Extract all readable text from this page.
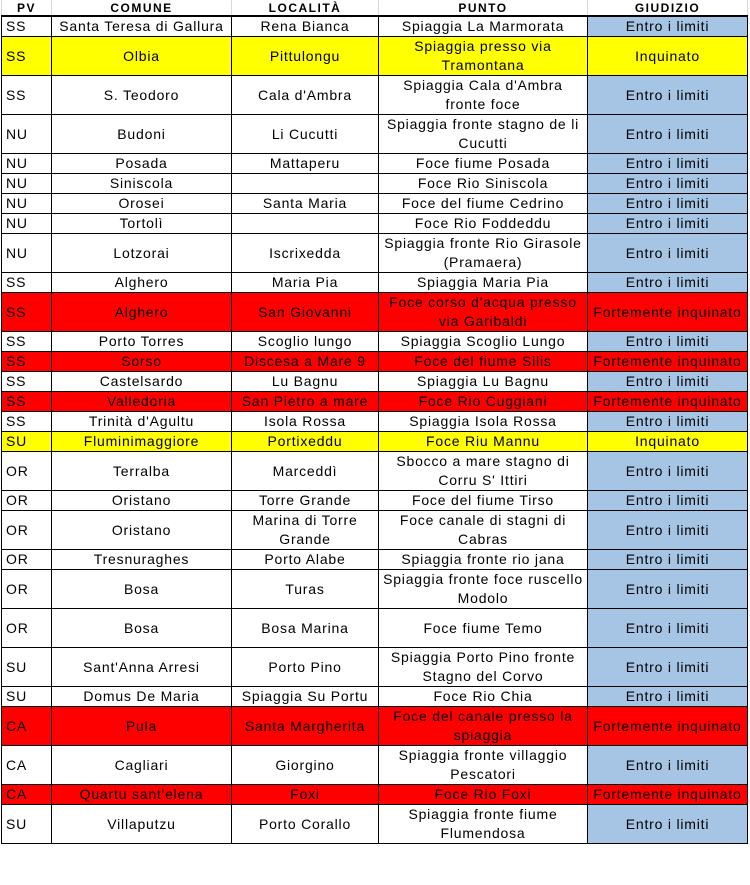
PV	COMUNE	LOCALITÀ	PUNTO	GIUDIZIO
SS	Santa Teresa di Gallura	Rena Bianca	Spiaggia La Marmorata	Entro i limiti
SS	Olbia	Pittulongu	Spiaggia presso via Tramontana	Inquinato
SS	S. Teodoro	Cala d'Ambra	Spiaggia Cala d'Ambra fronte foce	Entro i limiti
NU	Budoni	Li Cucutti	Spiaggia fronte stagno de li Cucutti	Entro i limiti
NU	Posada	Mattaperu	Foce fiume Posada	Entro i limiti
NU	Siniscola		Foce Rio Siniscola	Entro i limiti
NU	Orosei	Santa Maria	Foce del fiume Cedrino	Entro i limiti
NU	Tortolì		Foce Rio Foddeddu	Entro i limiti
NU	Lotzorai	Iscrixedda	Spiaggia fronte Rio Girasole (Pramaera)	Entro i limiti
SS	Alghero	Maria Pia	Spiaggia Maria Pia	Entro i limiti
SS	Alghero	San Giovanni	Foce corso d'acqua presso via Garibaldi	Fortemente inquinato
SS	Porto Torres	Scoglio lungo	Spiaggia Scoglio Lungo	Entro i limiti
SS	Sorso	Discesa a Mare 9	Foce del fiume Silis	Fortemente inquinato
SS	Castelsardo	Lu Bagnu	Spiaggia Lu Bagnu	Entro i limiti
SS	Valledoria	San Pietro a mare	Foce Rio Cuggiani	Fortemente inquinato
SS	Trinità d'Agultu	Isola Rossa	Spiaggia Isola Rossa	Entro i limiti
SU	Fluminimaggiore	Portixeddu	Foce Riu Mannu	Inquinato
OR	Terralba	Marceddì	Sbocco a mare stagno di Corru S' Ittiri	Entro i limiti
OR	Oristano	Torre Grande	Foce del fiume Tirso	Entro i limiti
OR	Oristano	Marina di Torre Grande	Foce canale di stagni di Cabras	Entro i limiti
OR	Tresnuraghes	Porto Alabe	Spiaggia fronte rio jana	Entro i limiti
OR	Bosa	Turas	Spiaggia fronte foce ruscello Modolo	Entro i limiti
OR	Bosa	Bosa Marina	Foce fiume Temo	Entro i limiti
SU	Sant'Anna Arresi	Porto Pino	Spiaggia Porto Pino fronte Stagno del Corvo	Entro i limiti
SU	Domus De Maria	Spiaggia Su Portu	Foce Rio Chia	Entro i limiti
CA	Pula	Santa Margherita	Foce del canale presso la spiaggia	Fortemente inquinato
CA	Cagliari	Giorgino	Spiaggia fronte villaggio Pescatori	Entro i limiti
CA	Quartu sant'elena	Foxi	Foce Rio Foxi	Fortemente inquinato
SU	Villaputzu	Porto Corallo	Spiaggia fronte fiume Flumendosa	Entro i limiti
